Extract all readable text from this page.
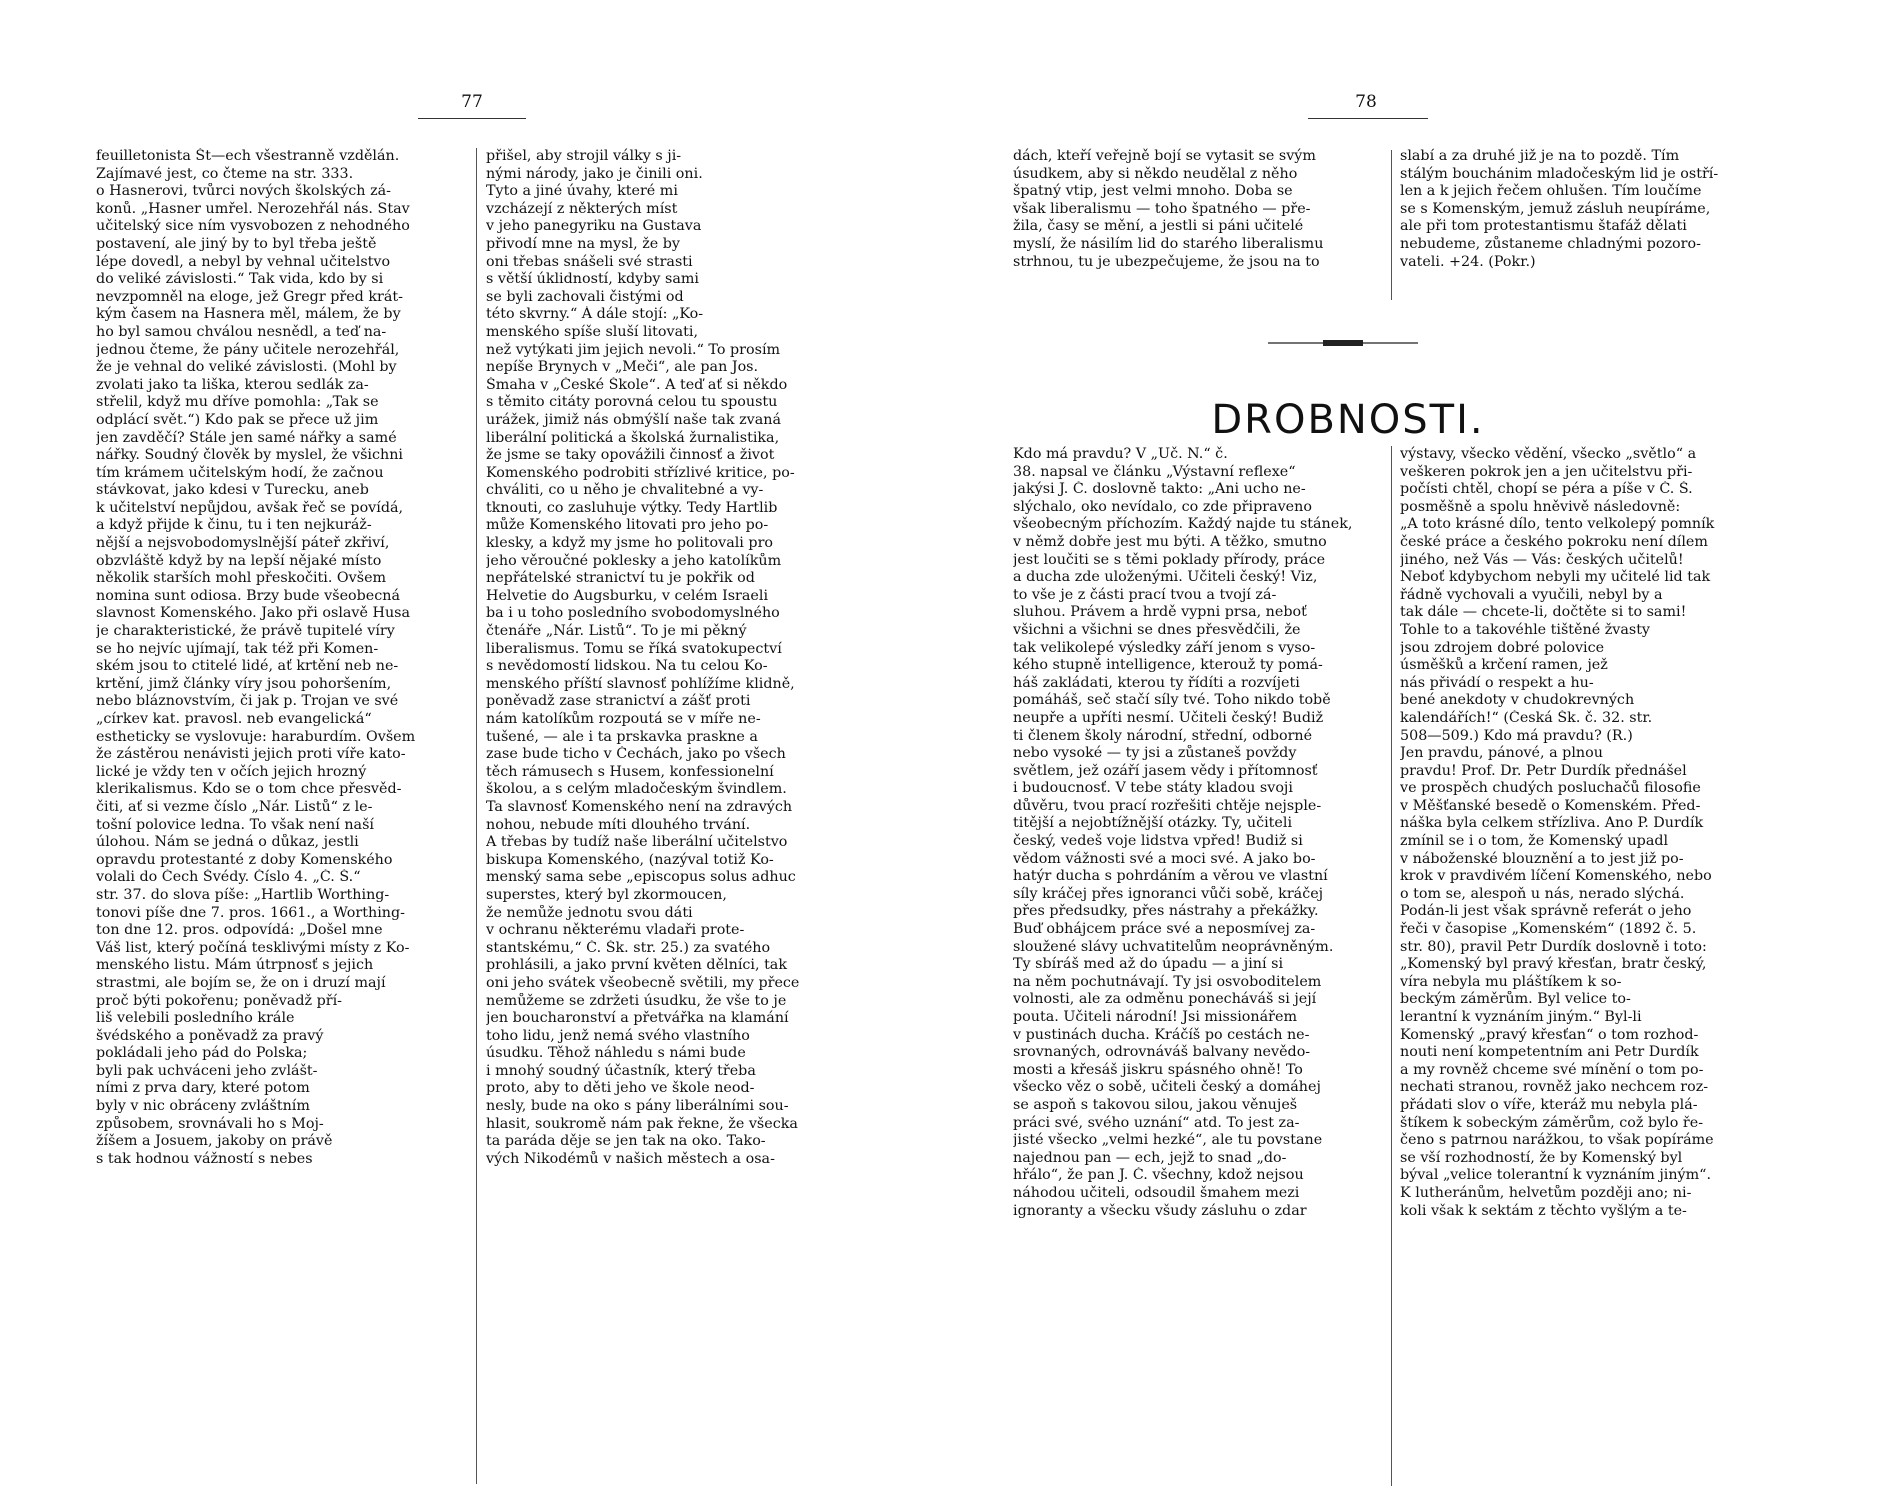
77
feuilletonista Št—ech všestranně vzdělán.
Zajímavé jest, co čteme na str. 333.
o Hasnerovi, tvůrci nových školských zá-
konů. „Hasner umřel. Nerozehřál nás. Stav
učitelský sice ním vysvobozen z nehodného
postavení, ale jiný by to byl třeba ještě
lépe dovedl, a nebyl by vehnal učitelstvo
do veliké závislosti.“ Tak vida, kdo by si
nevzpomněl na eloge, jež Gregr před krát-
kým časem na Hasnera měl, málem, že by
ho byl samou chválou nesnědl, a teď na-
jednou čteme, že pány učitele nerozehřál,
že je vehnal do veliké závislosti. (Mohl by
zvolati jako ta liška, kterou sedlák za-
střelil, když mu dříve pomohla: „Tak se
odplácí svět.“) Kdo pak se přece už jim
jen zavděčí? Stále jen samé nářky a samé
nářky. Soudný člověk by myslel, že všichni
tím krámem učitelským hodí, že začnou
stávkovat, jako kdesi v Turecku, aneb
k učitelství nepůjdou, avšak řeč se povídá,
a když přijde k činu, tu i ten nejkuráž-
nější a nejsvobodomyslnější páteř zkřiví,
obzvláště když by na lepší nějaké místo
několik starších mohl přeskočiti. Ovšem
nomina sunt odiosa. Brzy bude všeobecná
slavnost Komenského. Jako při oslavě Husa
je charakteristické, že právě tupitelé víry
se ho nejvíc ujímají, tak též při Komen-
ském jsou to ctitelé lidé, ať krtění neb ne-
krtění, jimž články víry jsou pohoršením,
nebo bláznovstvím, či jak p. Trojan ve své
„církev kat. pravosl. neb evangelická“
estheticky se vyslovuje: haraburdím. Ovšem
že zástěrou nenávisti jejich proti víře kato-
lické je vždy ten v očích jejich hrozný
klerikalismus. Kdo se o tom chce přesvěd-
čiti, ať si vezme číslo „Nár. Listů“ z le-
tošní polovice ledna. To však není naší
úlohou. Nám se jedná o důkaz, jestli
opravdu protestanté z doby Komenského
volali do Čech Švédy. Číslo 4. „Č. Š.“
str. 37. do slova píše: „Hartlib Worthing-
tonovi píše dne 7. pros. 1661., a Worthing-
ton dne 12. pros. odpovídá: „Došel mne
Váš list, který počíná tesklivými místy z Ko-
menského listu. Mám útrpnosť s jejich
strastmi, ale bojím se, že on i druzí mají
proč býti pokořenu; poněvadž pří-
liš velebili posledního krále
švédského a poněvadž za pravý
pokládali jeho pád do Polska;
byli pak uchváceni jeho zvlášt-
ními z prva dary, které potom
byly v nic obráceny zvláštním
způsobem, srovnávali ho s Moj-
žíšem a Josuem, jakoby on právě
s tak hodnou vážností s nebes
přišel, aby strojil války s ji-
nými národy, jako je činili oni.
Tyto a jiné úvahy, které mi
vzcházejí z některých míst
v jeho panegyriku na Gustava
přivodí mne na mysl, že by
oni třebas snášeli své strasti
s větší úklidností, kdyby sami
se byli zachovali čistými od
této skvrny.“ Á dále stojí: „Ko-
menského spíše sluší litovati,
než vytýkati jim jejich nevoli.“ To prosím
nepíše Brynych v „Meči“, ale pan Jos.
Šmaha v „České Škole“. A teď ať si někdo
s těmito citáty porovná celou tu spoustu
urážek, jimiž nás obmýšlí naše tak zvaná
liberální politická a školská žurnalistika,
že jsme se taky opovážili činnosť a život
Komenského podrobiti střízlivé kritice, po-
chváliti, co u něho je chvalitebné a vy-
tknouti, co zasluhuje výtky. Tedy Hartlib
může Komenského litovati pro jeho po-
klesky, a když my jsme ho politovali pro
jeho věroučné poklesky a jeho katolíkům
nepřátelské stranictví tu je pokřik od
Helvetie do Augsburku, v celém Israeli
ba i u toho posledního svobodomyslného
čtenáře „Nár. Listů“. To je mi pěkný
liberalismus. Tomu se říká svatokupectví
s nevědomostí lidskou. Na tu celou Ko-
menského příští slavnosť pohlížíme klidně,
poněvadž zase stranictví a zášť proti
nám katolíkům rozpoutá se v míře ne-
tušené, — ale i ta prskavka praskne a
zase bude ticho v Čechách, jako po všech
těch rámusech s Husem, konfessionelní
školou, a s celým mladočeským švindlem.
Ta slavnosť Komenského není na zdravých
nohou, nebude míti dlouhého trvání.
A třebas by tudíž naše liberální učitelstvo
biskupa Komenského, (nazýval totiž Ko-
menský sama sebe „episcopus solus adhuc
superstes, který byl zkormoucen,
že nemůže jednotu svou dáti
v ochranu některému vladaři prote-
stantskému,“ Č. Šk. str. 25.) za svatého
prohlásili, a jako první květen dělníci, tak
oni jeho svátek všeobecně světili, my přece
nemůžeme se zdržeti úsudku, že vše to je
jen boucharonství a přetvářka na klamání
toho lidu, jenž nemá svého vlastního
úsudku. Těhož náhledu s námi bude
i mnohý soudný účastník, který třeba
proto, aby to děti jeho ve škole neod-
nesly, bude na oko s pány liberálními sou-
hlasit, soukromě nám pak řekne, že všecka
ta paráda děje se jen tak na oko. Tako-
vých Nikodémů v našich městech a osa-
78
dách, kteří veřejně bojí se vytasit se svým
úsudkem, aby si někdo neudělal z něho
špatný vtip, jest velmi mnoho. Doba se
však liberalismu — toho špatného — pře-
žila, časy se mění, a jestli si páni učitelé
myslí, že násilím lid do starého liberalismu
strhnou, tu je ubezpečujeme, že jsou na to
slabí a za druhé již je na to pozdě. Tím
stálým bouchánim mladočeským lid je ostří-
len a k jejich řečem ohlušen. Tím loučíme
se s Komenským, jemuž zásluh neupíráme,
ale při tom protestantismu štafáž dělati
nebudeme, zůstaneme chladnými pozoro-
vateli. +24. (Pokr.)
DROBNOSTI.
Kdo má pravdu? V „Uč. N.“ č.
38. napsal ve článku „Výstavní reflexe“
jakýsi J. Č. doslovně takto: „Ani ucho ne-
slýchalo, oko nevídalo, co zde připraveno
všeobecným příchozím. Každý najde tu stánek,
v němž dobře jest mu býti. A těžko, smutno
jest loučiti se s těmi poklady přírody, práce
a ducha zde uloženými. Učiteli český! Viz,
to vše je z části prací tvou a tvojí zá-
sluhou. Právem a hrdě vypni prsa, neboť
všichni a všichni se dnes přesvědčili, že
tak velikolepé výsledky září jenom s vyso-
kého stupně intelligence, kterouž ty pomá-
háš zakládati, kterou ty řídíti a rozvíjeti
pomáháš, seč stačí síly tvé. Toho nikdo tobě
neupře a upříti nesmí. Učiteli český! Budiž
ti členem školy národní, střední, odborné
nebo vysoké — ty jsi a zůstaneš povždy
světlem, jež ozáří jasem vědy i přítomnosť
i budoucnosť. V tebe státy kladou svoji
důvěru, tvou prací rozřešiti chtěje nejsple-
titější a nejobtížnější otázky. Ty, učiteli
český, vedeš voje lidstva vpřed! Budiž si
vědom vážnosti své a moci své. A jako bo-
hatýr ducha s pohrdáním a věrou ve vlastní
síly kráčej přes ignoranci vůči sobě, kráčej
přes předsudky, přes nástrahy a překážky.
Buď obhájcem práce své a neposmívej za-
sloužené slávy uchvatitelům neoprávněným.
Ty sbíráš med až do úpadu — a jiní si
na něm pochutnávají. Ty jsi osvoboditelem
volnosti, ale za odměnu ponecháváš si její
pouta. Učiteli národní! Jsi missionářem
v pustinách ducha. Kráčíš po cestách ne-
srovnaných, odrovnáváš balvany nevědo-
mosti a křesáš jiskru spásného ohně! To
všecko věz o sobě, učiteli český a domáhej
se aspoň s takovou silou, jakou věnuješ
práci své, svého uznání“ atd. To jest za-
jisté všecko „velmi hezké“, ale tu povstane
najednou pan — ech, jejž to snad „do-
hřálo“, že pan J. Č. všechny, kdož nejsou
náhodou učiteli, odsoudil šmahem mezi
ignoranty a všecku všudy zásluhu o zdar
výstavy, všecko vědění, všecko „světlo“ a
veškeren pokrok jen a jen učitelstvu při-
počísti chtěl, chopí se péra a píše v Č. Š.
posměšně a spolu hněvivě následovně:
„A toto krásné dílo, tento velkolepý pomník
české práce a českého pokroku není dílem
jiného, než Vás — Vás: českých učitelů!
Neboť kdybychom nebyli my učitelé lid tak
řádně vychovali a vyučili, nebyl by a
tak dále — chcete-li, dočtěte si to sami!
Tohle to a takovéhle tištěné žvasty
jsou zdrojem dobré polovice
úsměšků a krčení ramen, jež
nás přivádí o respekt a hu-
bené anekdoty v chudokrevných
kalendářích!“ (Česká Šk. č. 32. str.
508—509.) Kdo má pravdu? (R.)
Jen pravdu, pánové, a plnou
pravdu! Prof. Dr. Petr Durdík přednášel
ve prospěch chudých posluchačů filosofie
v Měšťanské besedě o Komenském. Před-
náška byla celkem střízliva. Ano P. Durdík
zmínil se i o tom, že Komenský upadl
v náboženské blouznění a to jest již po-
krok v pravdivém líčení Komenského, nebo
o tom se, alespoň u nás, nerado slýchá.
Podán-li jest však správně referát o jeho
řeči v časopise „Komenském“ (1892 č. 5.
str. 80), pravil Petr Durdík doslovně i toto:
„Komenský byl pravý křesťan, bratr český,
víra nebyla mu pláštíkem k so-
beckým záměrům. Byl velice to-
lerantní k vyznáním jiným.“ Byl-li
Komenský „pravý křesťan“ o tom rozhod-
nouti není kompetentním ani Petr Durdík
a my rovněž chceme své mínění o tom po-
nechati stranou, rovněž jako nechcem roz-
přádati slov o víře, kteráž mu nebyla plá-
štíkem k sobeckým záměrům, což bylo ře-
čeno s patrnou narážkou, to však popíráme
se vší rozhodností, že by Komenský byl
býval „velice tolerantní k vyznáním jiným“.
K lutheránům, helvetům později ano; ni-
koli však k sektám z těchto vyšlým a te-
